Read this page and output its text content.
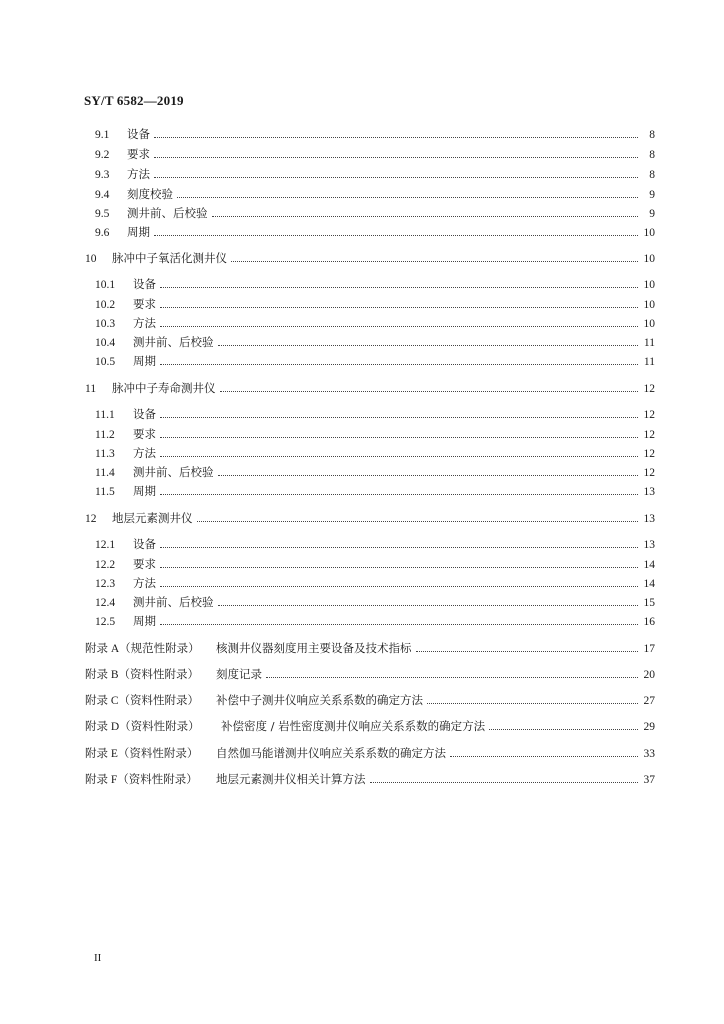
SY/T 6582—2019
9.1	设备	8
9.2	要求	8
9.3	方法	8
9.4	刻度校验	9
9.5	测井前、后校验	9
9.6	周期	10
10	脉冲中子氧活化测井仪	10
10.1	设备	10
10.2	要求	10
10.3	方法	10
10.4	测井前、后校验	11
10.5	周期	11
11	脉冲中子寿命测井仪	12
11.1	设备	12
11.2	要求	12
11.3	方法	12
11.4	测井前、后校验	12
11.5	周期	13
12	地层元素测井仪	13
12.1	设备	13
12.2	要求	14
12.3	方法	14
12.4	测井前、后校验	15
12.5	周期	16
附录 A（规范性附录）	核测井仪器刻度用主要设备及技术指标	17
附录 B（资料性附录）	刻度记录	20
附录 C（资料性附录）	补偿中子测井仪响应关系系数的确定方法	27
附录 D（资料性附录）	补偿密度 / 岩性密度测井仪响应关系系数的确定方法	29
附录 E（资料性附录）	自然伽马能谱测井仪响应关系系数的确定方法	33
附录 F（资料性附录）	地层元素测井仪相关计算方法	37
II
